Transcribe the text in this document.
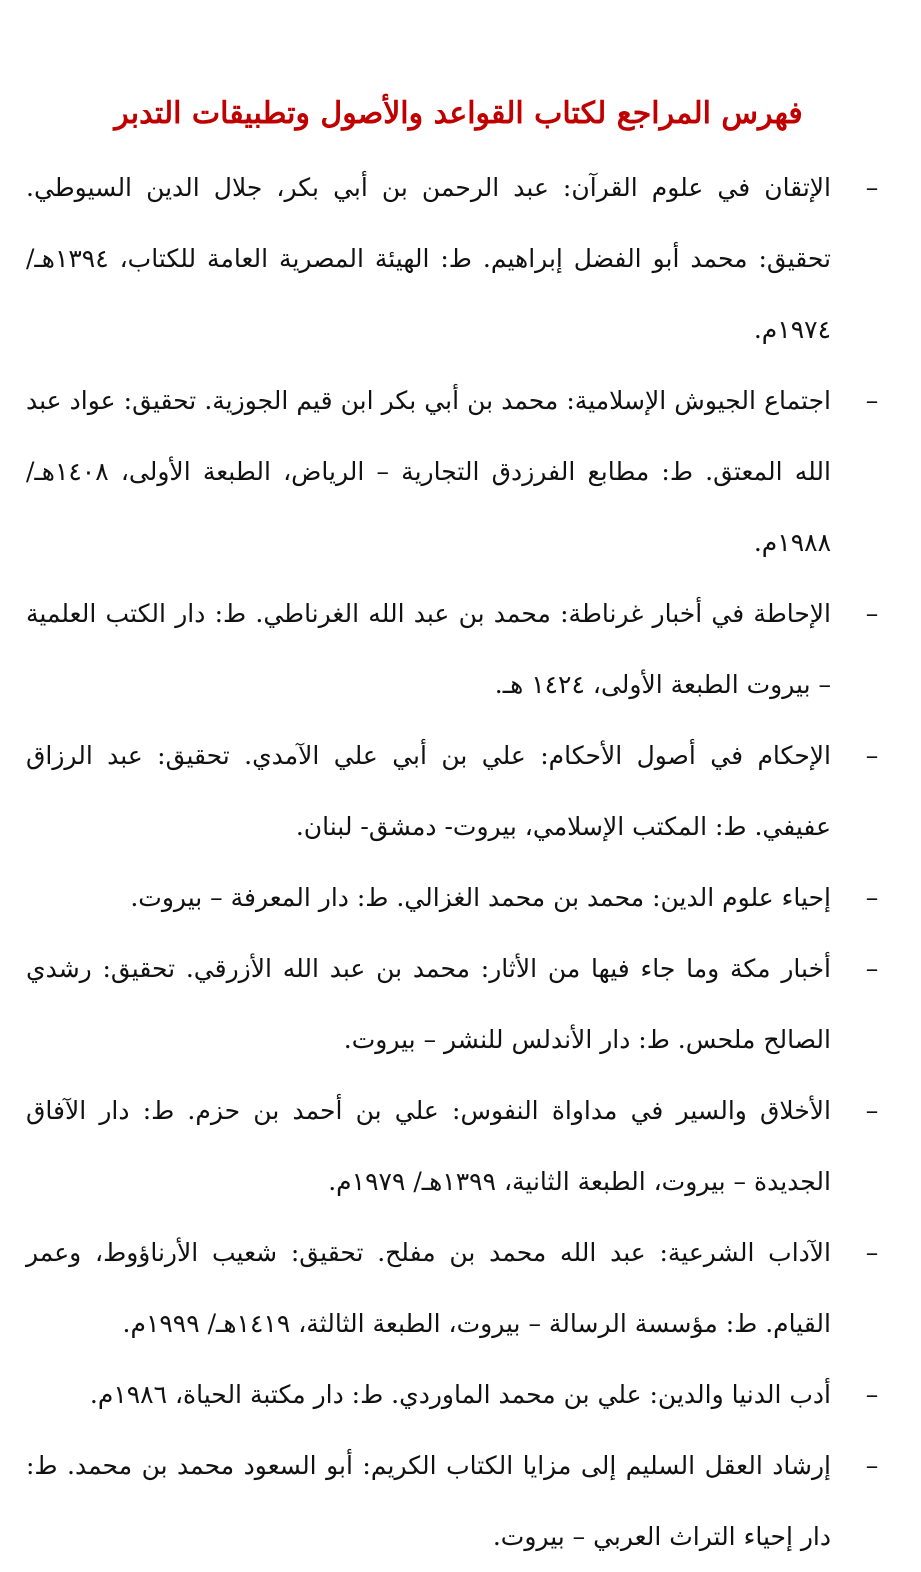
فهرس المراجع لكتاب القواعد والأصول وتطبيقات التدبر
–
الإتقان في علوم القرآن: عبد الرحمن بن أبي بكر، جلال الدين السيوطي. تحقيق: محمد أبو الفضل إبراهيم. ط: الهيئة المصرية العامة للكتاب، ١٣٩٤هـ/ ١٩٧٤م.
–
اجتماع الجيوش الإسلامية: محمد بن أبي بكر ابن قيم الجوزية. تحقيق: عواد عبد الله المعتق. ط: مطابع الفرزدق التجارية – الرياض، الطبعة الأولى، ١٤٠٨هـ/ ١٩٨٨م.
–
الإحاطة في أخبار غرناطة: محمد بن عبد الله الغرناطي. ط: دار الكتب العلمية – بيروت الطبعة الأولى، ١٤٢٤ هـ.
–
الإحكام في أصول الأحكام: علي بن أبي علي الآمدي. تحقيق: عبد الرزاق عفيفي. ط: المكتب الإسلامي، بيروت- دمشق- لبنان.
–
إحياء علوم الدين: محمد بن محمد الغزالي. ط: دار المعرفة – بيروت.
–
أخبار مكة وما جاء فيها من الأثار: محمد بن عبد الله الأزرقي. تحقيق: رشدي الصالح ملحس. ط: دار الأندلس للنشر – بيروت.
–
الأخلاق والسير في مداواة النفوس: علي بن أحمد بن حزم. ط: دار الآفاق الجديدة – بيروت، الطبعة الثانية، ١٣٩٩هـ/ ١٩٧٩م.
–
الآداب الشرعية: عبد الله محمد بن مفلح. تحقيق: شعيب الأرناؤوط، وعمر القيام. ط: مؤسسة الرسالة – بيروت، الطبعة الثالثة، ١٤١٩هـ/ ١٩٩٩م.
–
أدب الدنيا والدين: علي بن محمد الماوردي. ط: دار مكتبة الحياة، ١٩٨٦م.
–
إرشاد العقل السليم إلى مزايا الكتاب الكريم: أبو السعود محمد بن محمد. ط: دار إحياء التراث العربي – بيروت.
